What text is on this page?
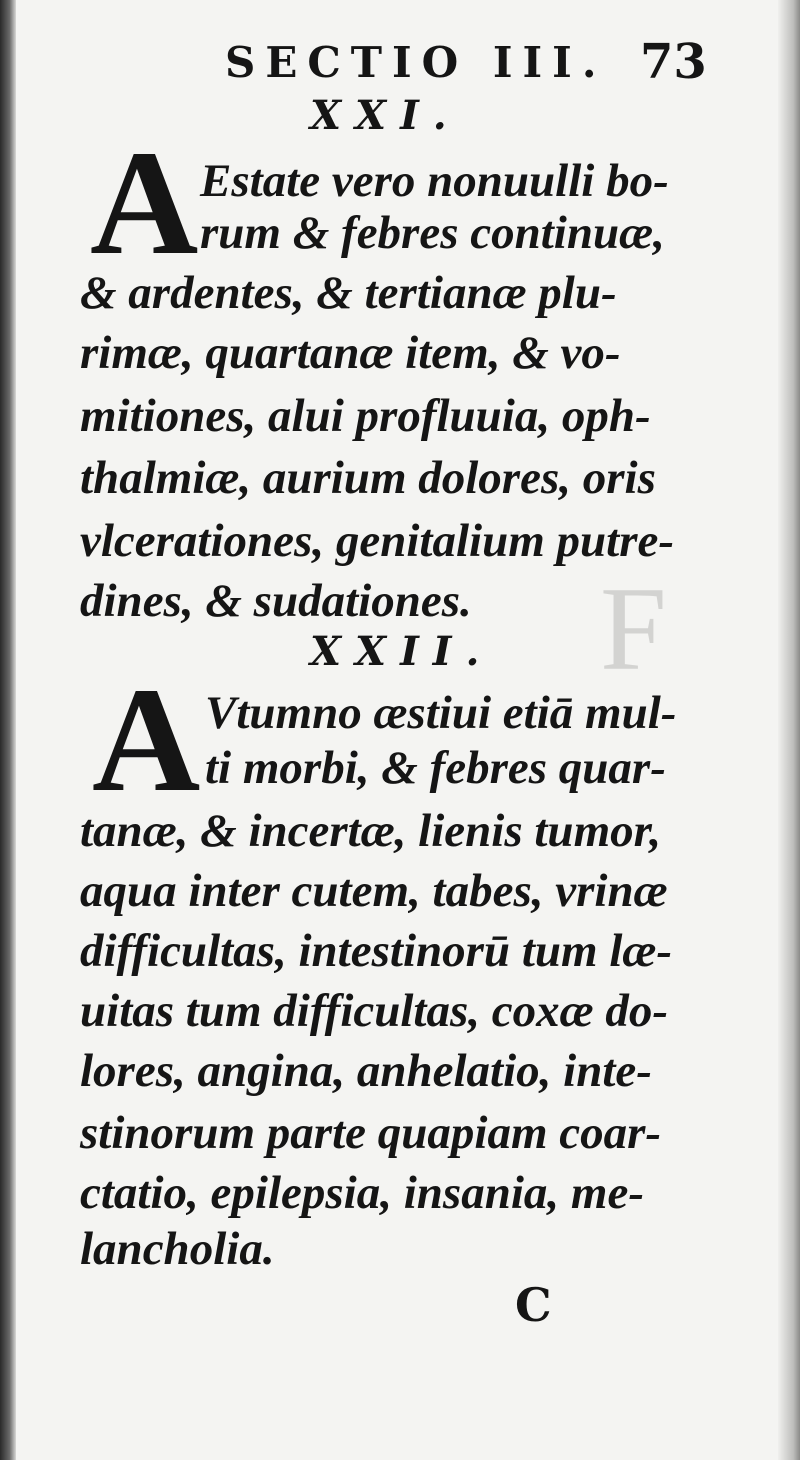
F
SECTIO III. 73
XXI.
A Estate vero nonuulli bo-
rum & febres continuæ,
& ardentes, & tertianæ plu-
rimæ, quartanæ item, & vo-
mitiones, alui profluuia, oph-
thalmiæ, aurium dolores, oris
vlcerationes, genitalium putre-
dines, & sudationes.
XXII.
A Vtumno æstiui etiā mul-
ti morbi, & febres quar-
tanæ, & incertæ, lienis tumor,
aqua inter cutem, tabes, vrinæ
difficultas, intestinorū tum læ-
uitas tum difficultas, coxæ do-
lores, angina, anhelatio, inte-
stinorum parte quapiam coar-
ctatio, epilepsia, insania, me-
lancholia.
C
